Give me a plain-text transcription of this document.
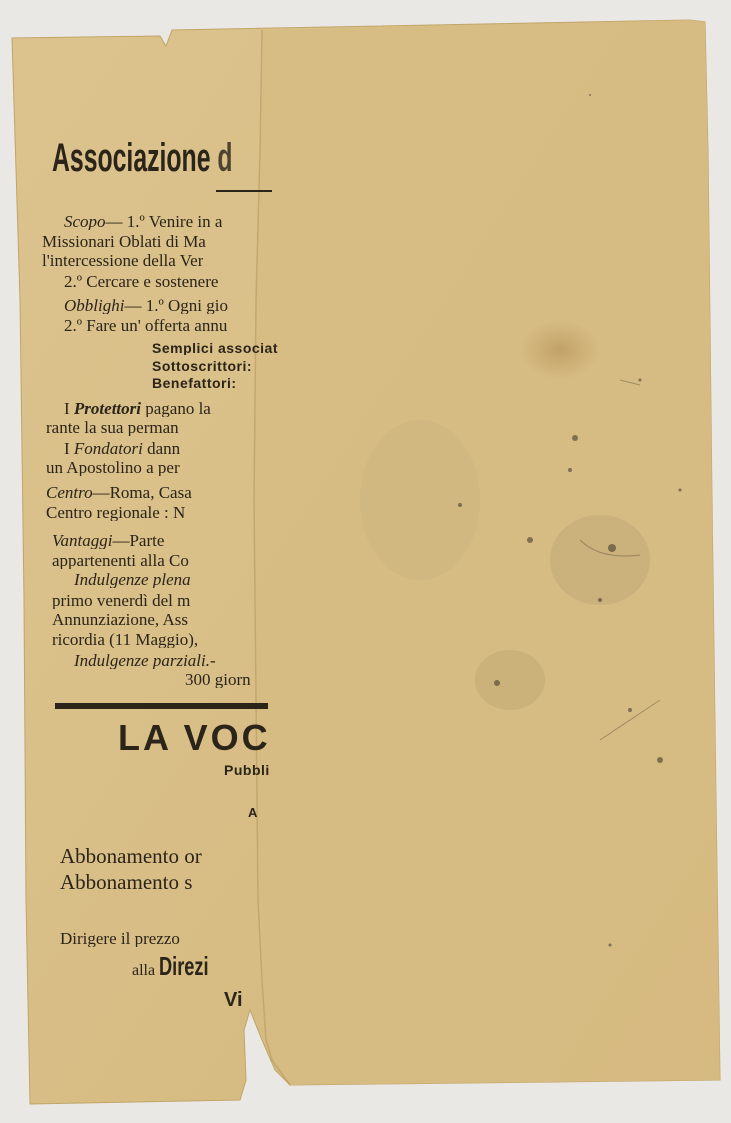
Associazione d
Scopo— 1.º Venire in a
Missionari Oblati di Ma
l'intercessione della Ver
2.º Cercare e sostenere
Obblighi— 1.º Ogni gio
2.º Fare un' offerta annu
Semplici associat
Sottoscrittori:
Benefattori:
I Protettori pagano la
rante la sua perman
I Fondatori dann
un Apostolino a per
Centro—Roma, Casa
Centro regionale : N
Vantaggi—Parte
appartenenti alla Co
Indulgenze plena
primo venerdì del m
Annunziazione, Ass
ricordia (11 Maggio),
Indulgenze parziali.-
300 giorn
LA VOC
Pubbli
A
Abbonamento or
Abbonamento s
Dirigere il prezzo
alla Direzi
Vi
